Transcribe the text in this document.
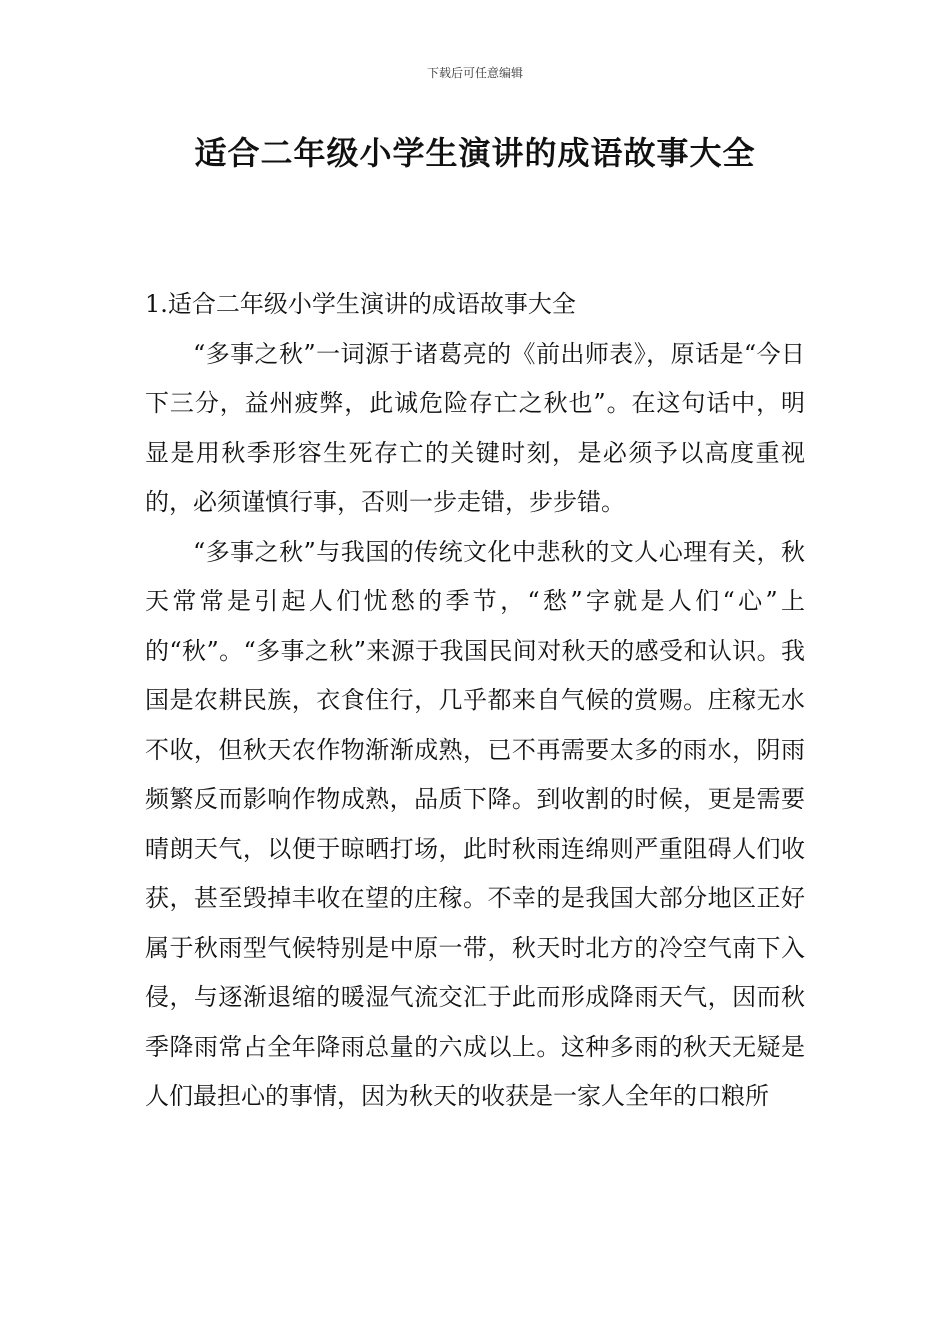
下载后可任意编辑
适合二年级小学生演讲的成语故事大全
1.适合二年级小学生演讲的成语故事大全

“多事之秋”一词源于诸葛亮的《前出师表》，原话是“今日下三分，益州疲弊，此诚危险存亡之秋也”。在这句话中，明显是用秋季形容生死存亡的关键时刻，是必须予以高度重视的，必须谨慎行事，否则一步走错，步步错。

“多事之秋”与我国的传统文化中悲秋的文人心理有关，秋天常常是引起人们忧愁的季节，“愁”字就是人们“心”上的“秋”。“多事之秋”来源于我国民间对秋天的感受和认识。我国是农耕民族，衣食住行，几乎都来自气候的赏赐。庄稼无水不收，但秋天农作物渐渐成熟，已不再需要太多的雨水，阴雨频繁反而影响作物成熟，品质下降。到收割的时候，更是需要晴朗天气，以便于晾晒打场，此时秋雨连绵则严重阻碍人们收获，甚至毁掉丰收在望的庄稼。不幸的是我国大部分地区正好属于秋雨型气候特别是中原一带，秋天时北方的冷空气南下入侵，与逐渐退缩的暖湿气流交汇于此而形成降雨天气，因而秋季降雨常占全年降雨总量的六成以上。这种多雨的秋天无疑是人们最担心的事情，因为秋天的收获是一家人全年的口粮所
